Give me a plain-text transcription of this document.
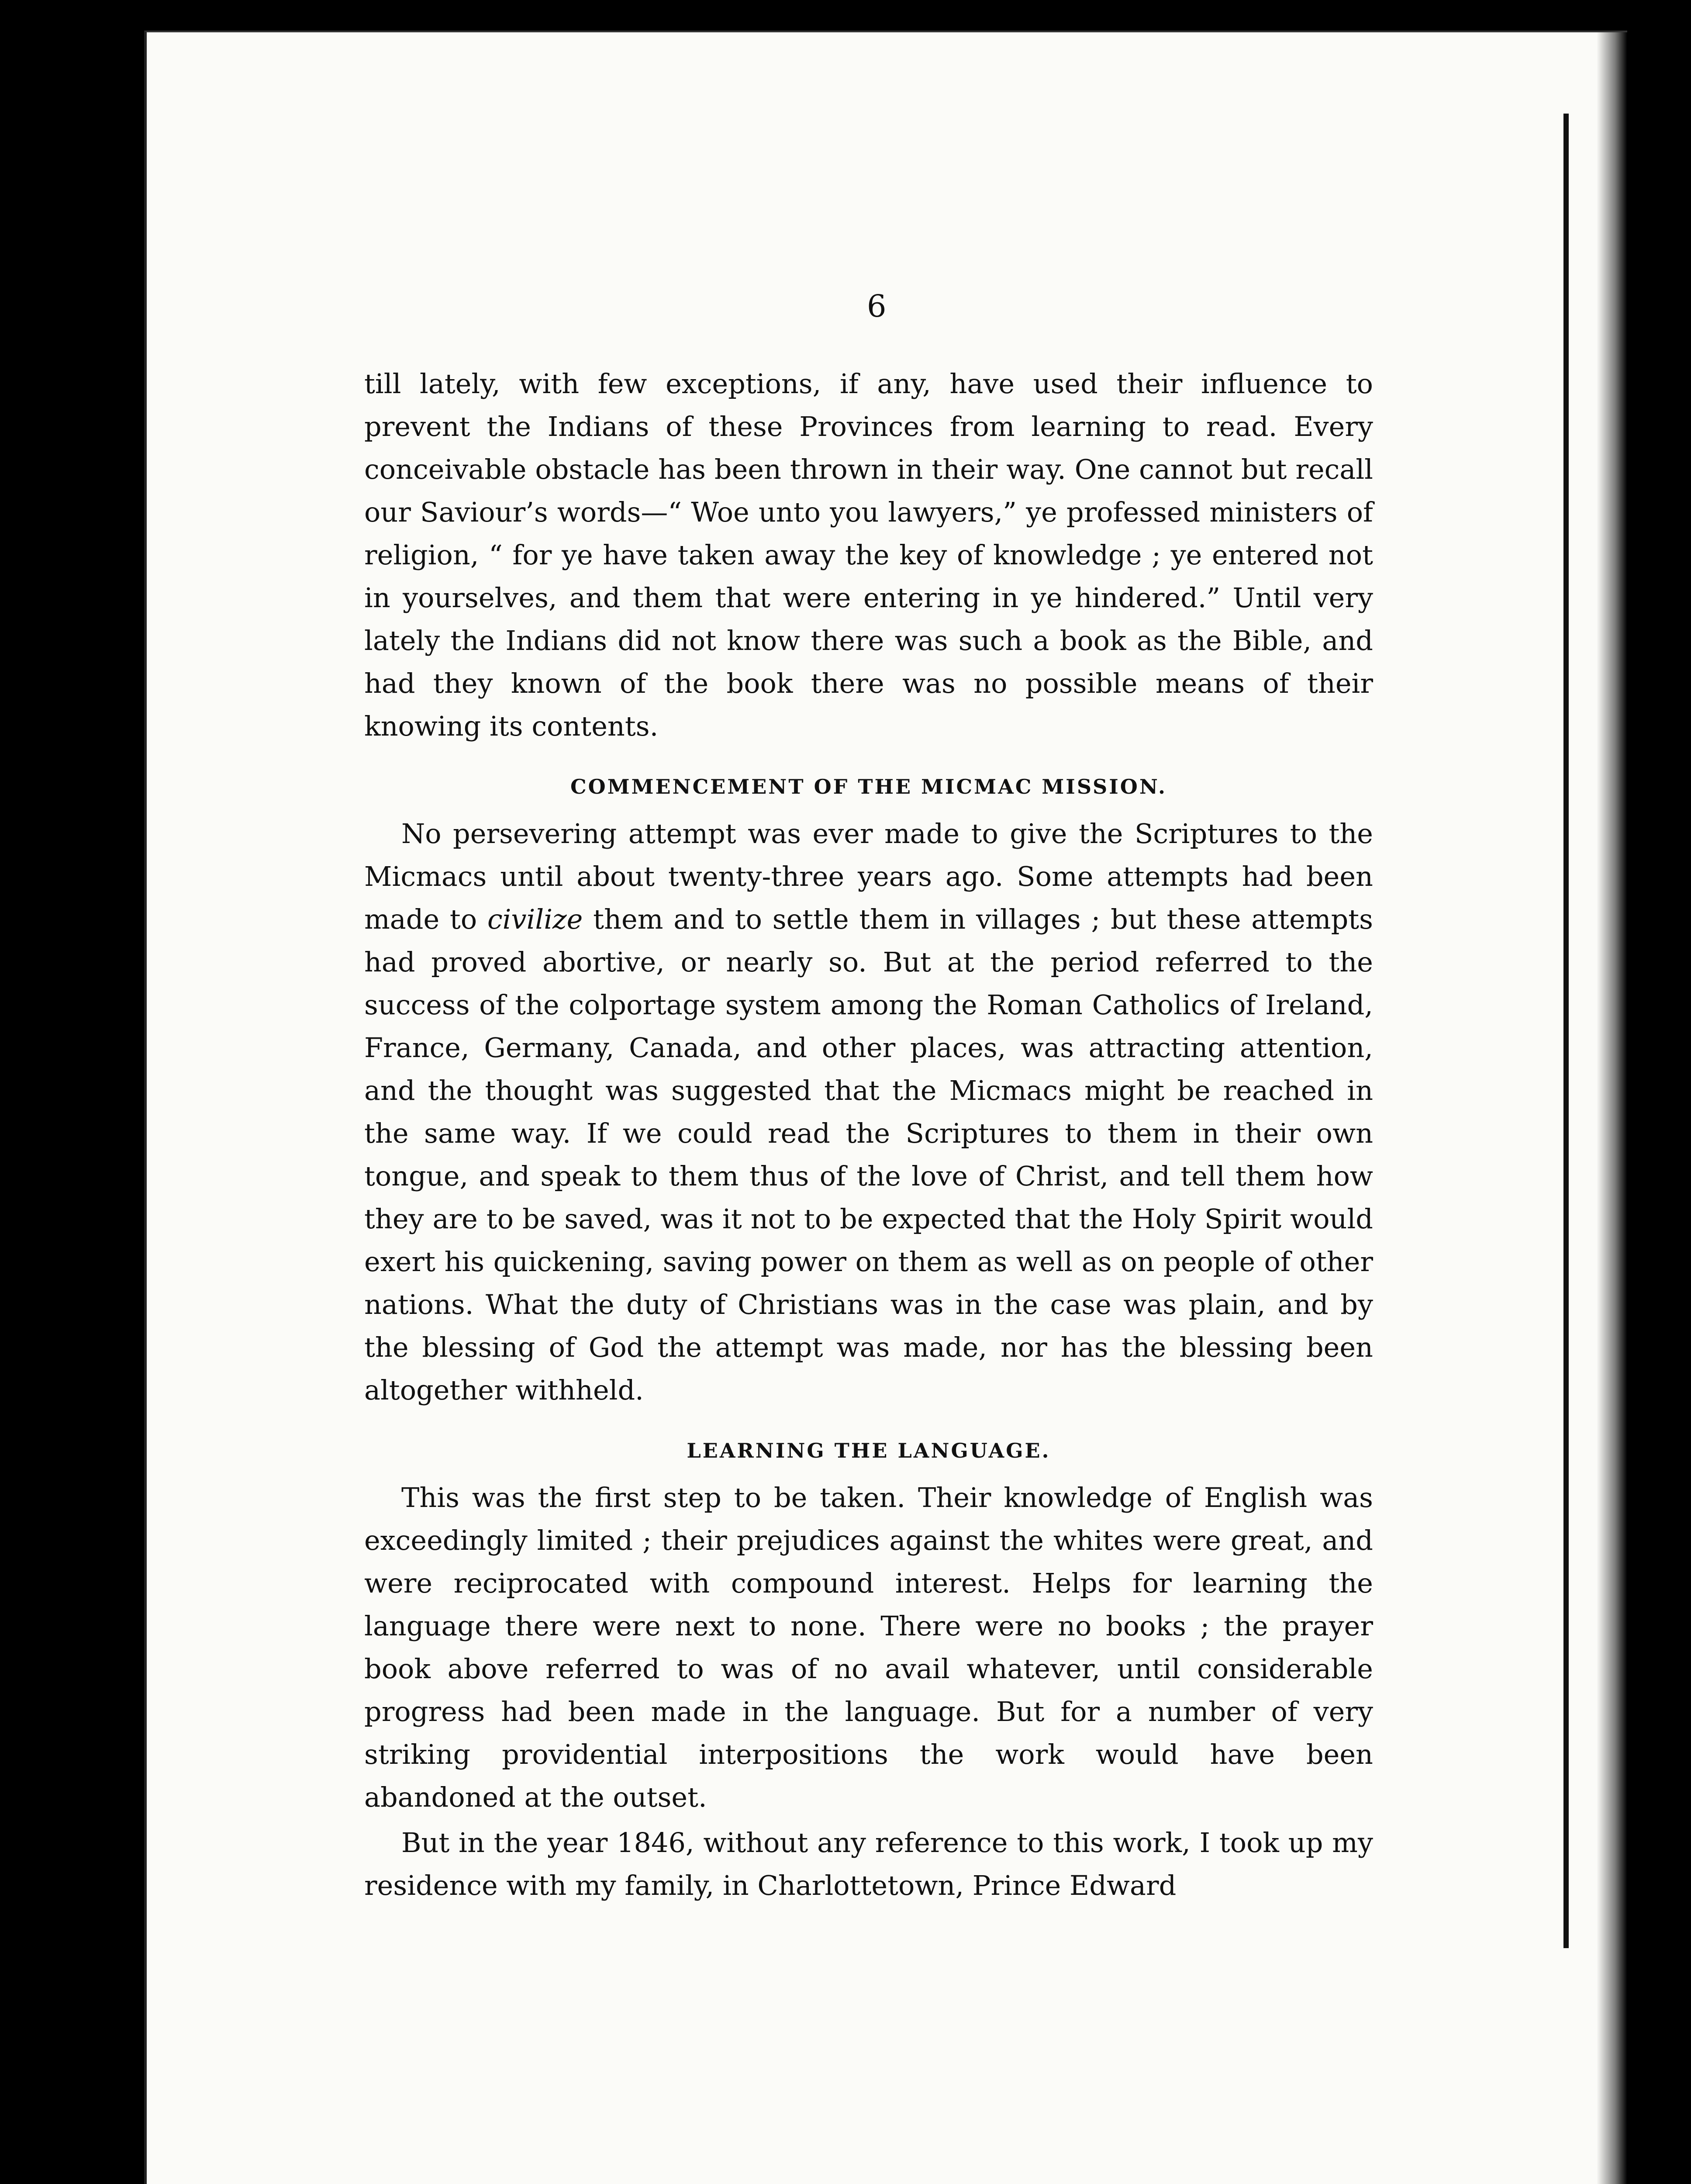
6

till lately, with few exceptions, if any, have used their influence to prevent the Indians of these Provinces from learning to read. Every conceivable obstacle has been thrown in their way. One cannot but recall our Saviour’s words—“ Woe unto you lawyers,” ye professed ministers of religion, “ for ye have taken away the key of knowledge ; ye entered not in yourselves, and them that were entering in ye hindered.” Until very lately the Indians did not know there was such a book as the Bible, and had they known of the book there was no possible means of their knowing its contents.

COMMENCEMENT OF THE MICMAC MISSION.

No persevering attempt was ever made to give the Scriptures to the Micmacs until about twenty-three years ago. Some attempts had been made to civilize them and to settle them in villages ; but these attempts had proved abortive, or nearly so. But at the period referred to the success of the colportage system among the Roman Catholics of Ireland, France, Germany, Canada, and other places, was attracting attention, and the thought was suggested that the Micmacs might be reached in the same way. If we could read the Scriptures to them in their own tongue, and speak to them thus of the love of Christ, and tell them how they are to be saved, was it not to be expected that the Holy Spirit would exert his quickening, saving power on them as well as on people of other nations. What the duty of Christians was in the case was plain, and by the blessing of God the attempt was made, nor has the blessing been altogether withheld.

LEARNING THE LANGUAGE.

This was the first step to be taken. Their knowledge of English was exceedingly limited ; their prejudices against the whites were great, and were reciprocated with compound interest. Helps for learning the language there were next to none. There were no books ; the prayer book above referred to was of no avail whatever, until considerable progress had been made in the language. But for a number of very striking providential interpositions the work would have been abandoned at the outset.

But in the year 1846, without any reference to this work, I took up my residence with my family, in Charlottetown, Prince Edward
